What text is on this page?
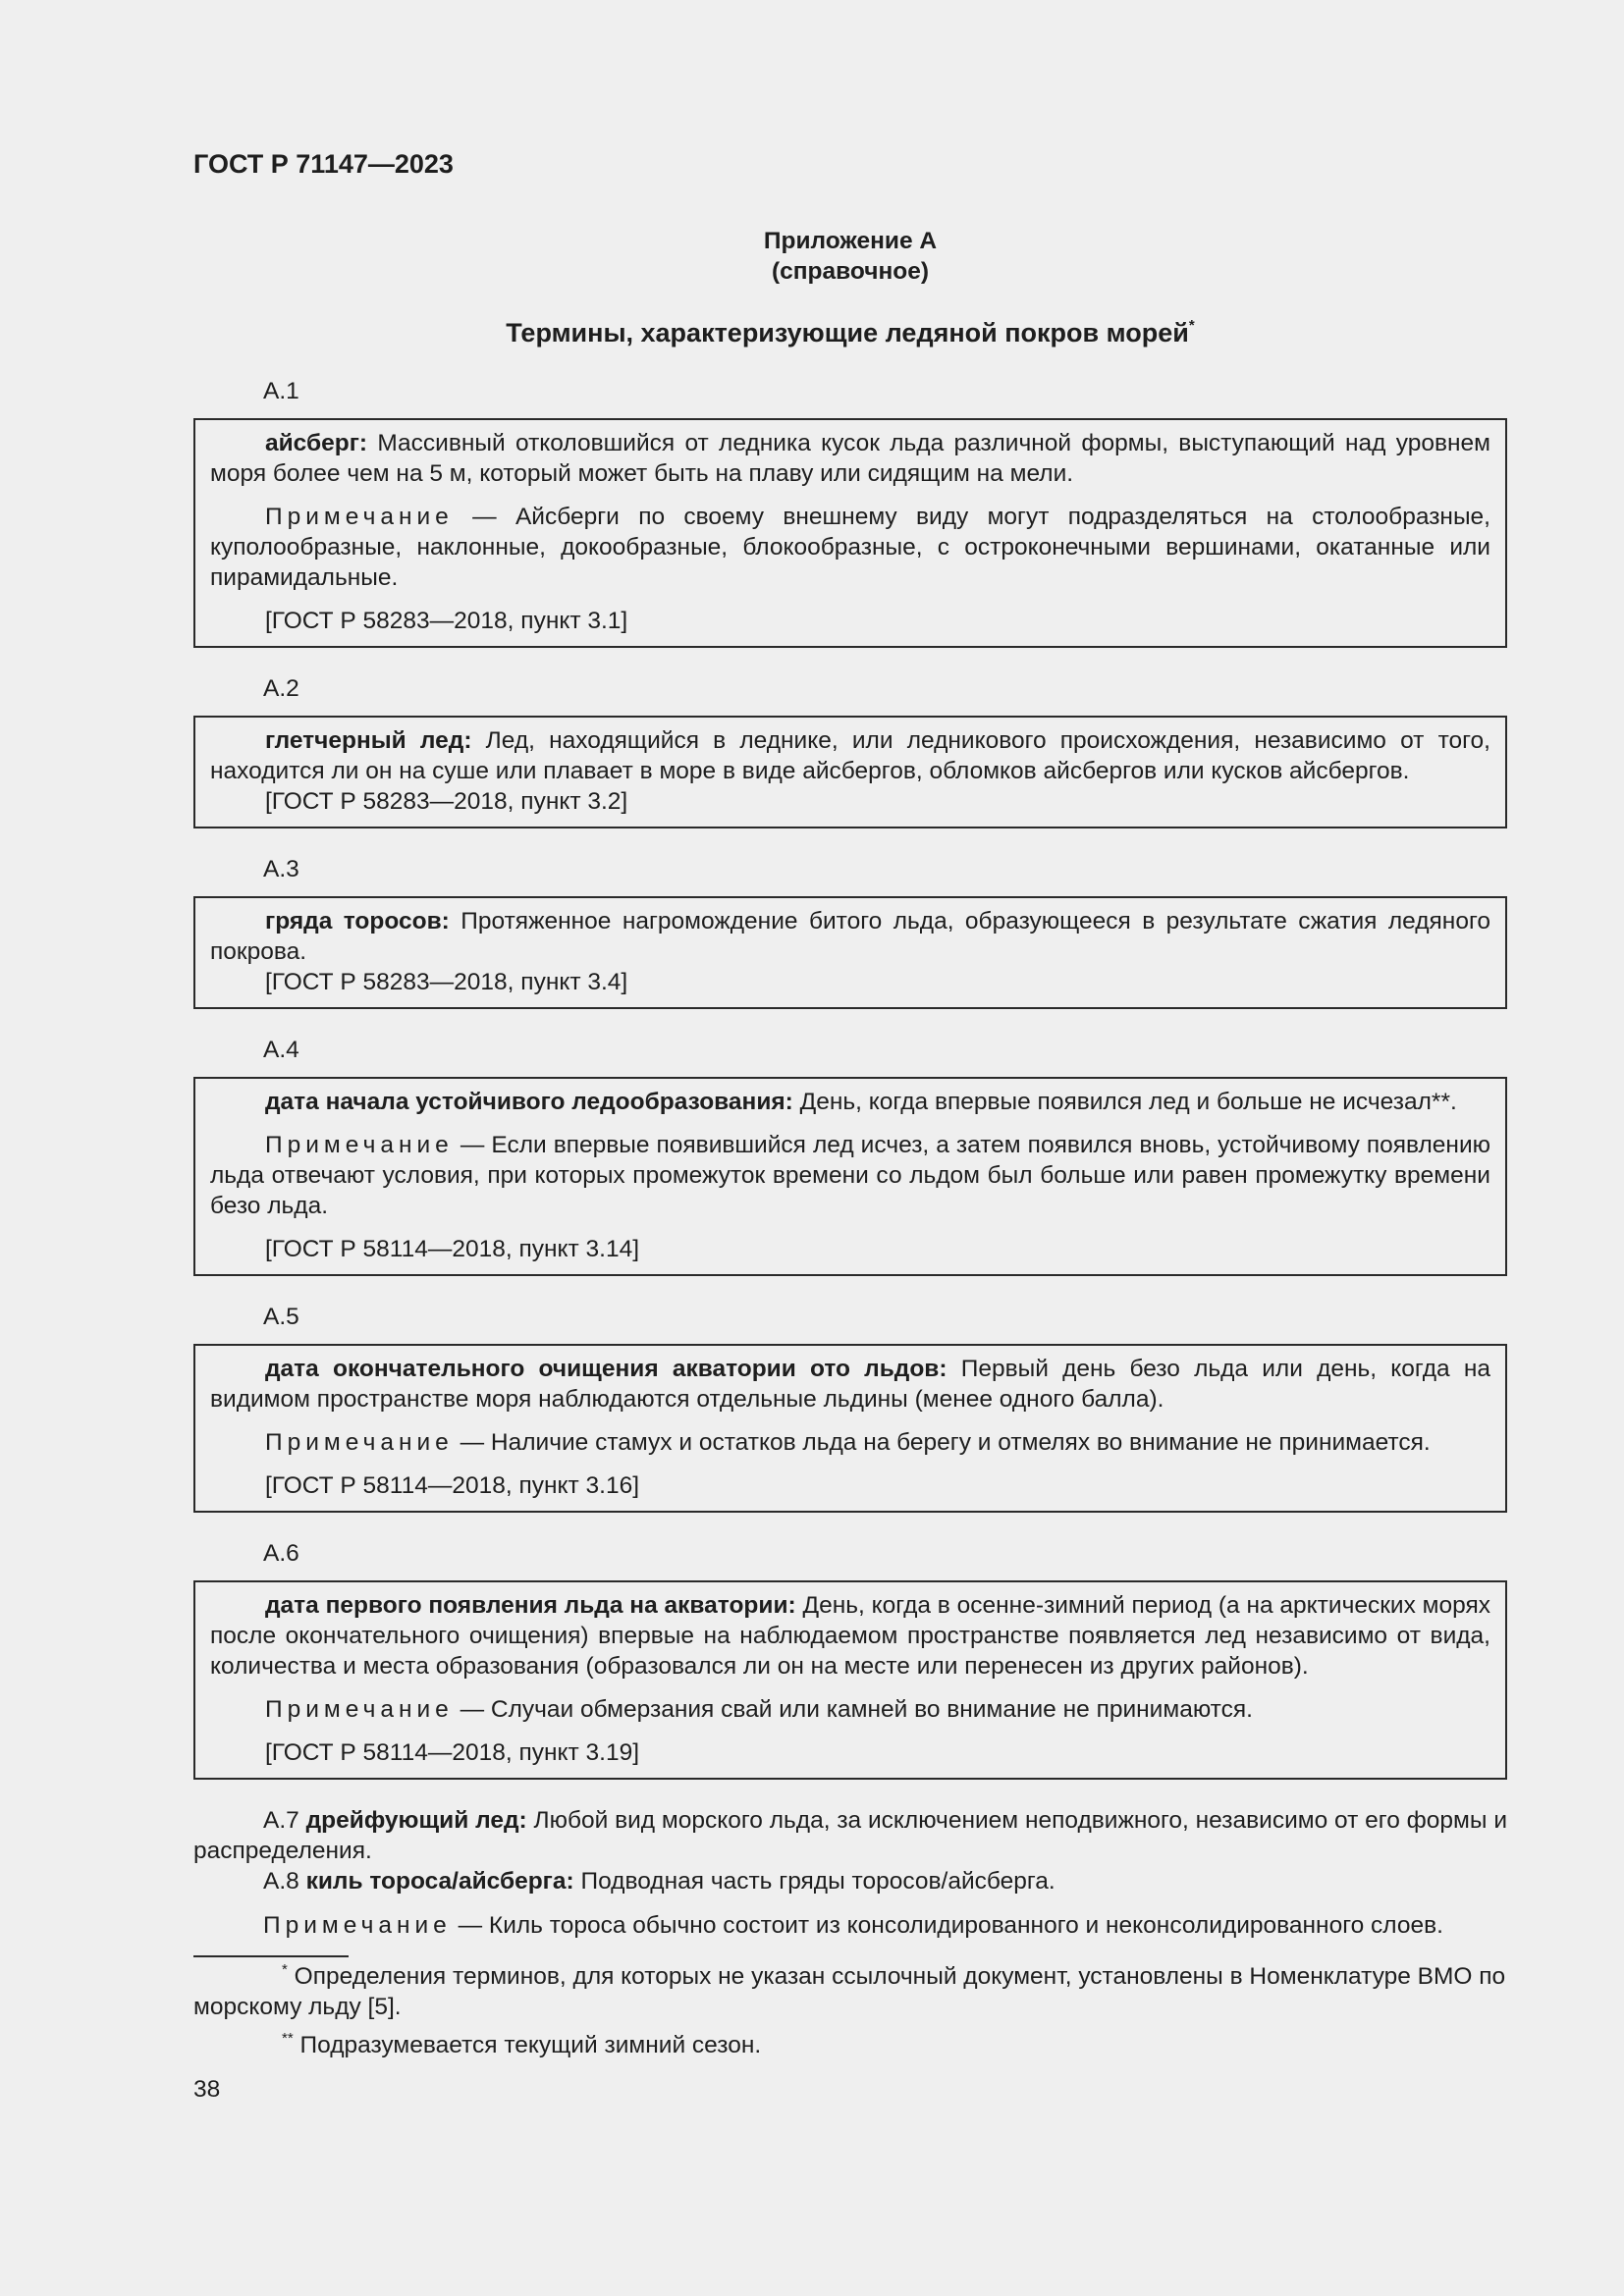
ГОСТ Р 71147—2023
Приложение А
(справочное)
Термины, характеризующие ледяной покров морей*
А.1

айсберг: Массивный отколовшийся от ледника кусок льда различной формы, выступающий над уровнем моря более чем на 5 м, который может быть на плаву или сидящим на мели.

Примечание — Айсберги по своему внешнему виду могут подразделяться на столообразные, куполообразные, наклонные, докообразные, блокообразные, с остроконечными вершинами, окатанные или пирамидальные.

[ГОСТ Р 58283—2018, пункт 3.1]

А.2

глетчерный лед: Лед, находящийся в леднике, или ледникового происхождения, независимо от того, находится ли он на суше или плавает в море в виде айсбергов, обломков айсбергов или кусков айсбергов.

[ГОСТ Р 58283—2018, пункт 3.2]

А.3

гряда торосов: Протяженное нагромождение битого льда, образующееся в результате сжатия ледяного покрова.

[ГОСТ Р 58283—2018, пункт 3.4]

А.4

дата начала устойчивого ледообразования: День, когда впервые появился лед и больше не исчезал**.

Примечание — Если впервые появившийся лед исчез, а затем появился вновь, устойчивому появлению льда отвечают условия, при которых промежуток времени со льдом был больше или равен промежутку времени безо льда.

[ГОСТ Р 58114—2018, пункт 3.14]

А.5

дата окончательного очищения акватории ото льдов: Первый день безо льда или день, когда на видимом пространстве моря наблюдаются отдельные льдины (менее одного балла).

Примечание — Наличие стамух и остатков льда на берегу и отмелях во внимание не принимается.

[ГОСТ Р 58114—2018, пункт 3.16]

А.6

дата первого появления льда на акватории: День, когда в осенне-зимний период (а на арктических морях после окончательного очищения) впервые на наблюдаемом пространстве появляется лед независимо от вида, количества и места образования (образовался ли он на месте или перенесен из других районов).

Примечание — Случаи обмерзания свай или камней во внимание не принимаются.

[ГОСТ Р 58114—2018, пункт 3.19]

А.7 дрейфующий лед: Любой вид морского льда, за исключением неподвижного, независимо от его формы и распределения.

А.8 киль тороса/айсберга: Подводная часть гряды торосов/айсберга.

Примечание — Киль тороса обычно состоит из консолидированного и неконсолидированного слоев.

* Определения терминов, для которых не указан ссылочный документ, установлены в Номенклатуре ВМО по морскому льду [5].

** Подразумевается текущий зимний сезон.

38
